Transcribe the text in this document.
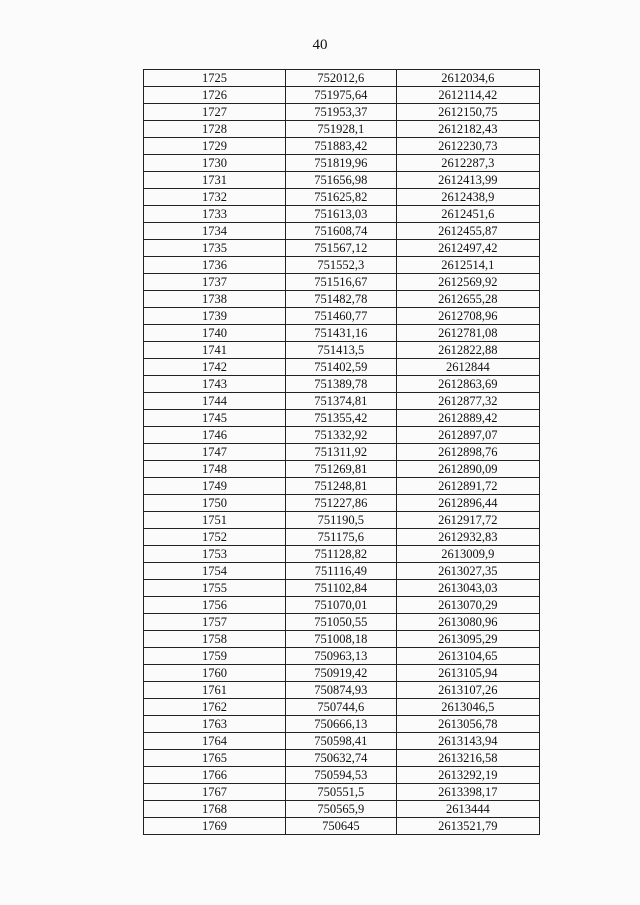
40
1725	752012,6	2612034,6
1726	751975,64	2612114,42
1727	751953,37	2612150,75
1728	751928,1	2612182,43
1729	751883,42	2612230,73
1730	751819,96	2612287,3
1731	751656,98	2612413,99
1732	751625,82	2612438,9
1733	751613,03	2612451,6
1734	751608,74	2612455,87
1735	751567,12	2612497,42
1736	751552,3	2612514,1
1737	751516,67	2612569,92
1738	751482,78	2612655,28
1739	751460,77	2612708,96
1740	751431,16	2612781,08
1741	751413,5	2612822,88
1742	751402,59	2612844
1743	751389,78	2612863,69
1744	751374,81	2612877,32
1745	751355,42	2612889,42
1746	751332,92	2612897,07
1747	751311,92	2612898,76
1748	751269,81	2612890,09
1749	751248,81	2612891,72
1750	751227,86	2612896,44
1751	751190,5	2612917,72
1752	751175,6	2612932,83
1753	751128,82	2613009,9
1754	751116,49	2613027,35
1755	751102,84	2613043,03
1756	751070,01	2613070,29
1757	751050,55	2613080,96
1758	751008,18	2613095,29
1759	750963,13	2613104,65
1760	750919,42	2613105,94
1761	750874,93	2613107,26
1762	750744,6	2613046,5
1763	750666,13	2613056,78
1764	750598,41	2613143,94
1765	750632,74	2613216,58
1766	750594,53	2613292,19
1767	750551,5	2613398,17
1768	750565,9	2613444
1769	750645	2613521,79
